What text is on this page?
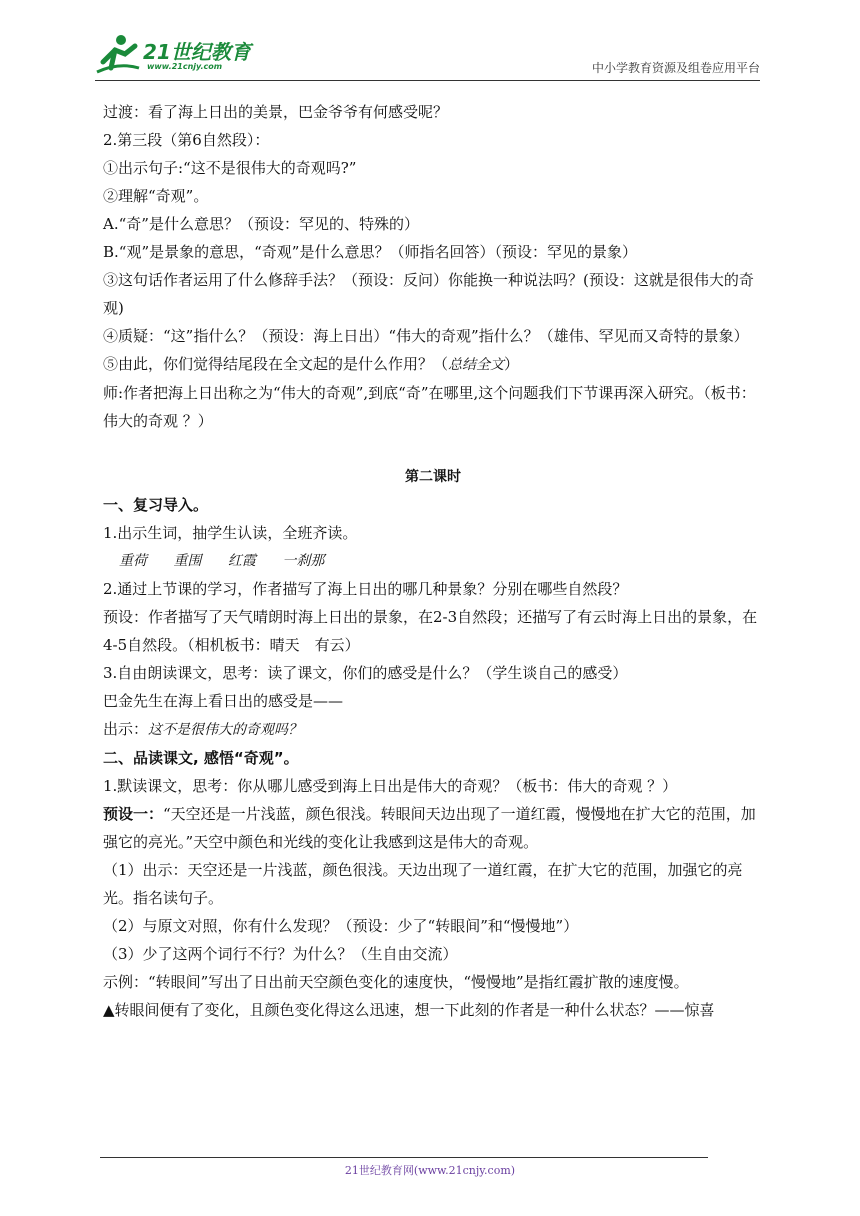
21世纪教育
www.21cnjy.com	中小学教育资源及组卷应用平台

过渡：看了海上日出的美景，巴金爷爷有何感受呢？

2.第三段（第6自然段）：

①出示句子:“这不是很伟大的奇观吗?”

②理解“奇观”。

A.“奇”是什么意思？（预设：罕见的、特殊的）

B.“观”是景象的意思，“奇观”是什么意思？（师指名回答）（预设：罕见的景象）

③这句话作者运用了什么修辞手法？（预设：反问）你能换一种说法吗？(预设：这就是很伟大的奇观)

④质疑：“这”指什么？（预设：海上日出）“伟大的奇观”指什么？（雄伟、罕见而又奇特的景象）

⑤由此，你们觉得结尾段在全文起的是什么作用？（总结全文）

师:作者把海上日出称之为“伟大的奇观”,到底“奇”在哪里,这个问题我们下节课再深入研究。（板书：伟大的奇观 ？）

第二课时

一、复习导入。

1.出示生词，抽学生认读，全班齐读。

重荷 重围 红霞 一刹那

2.通过上节课的学习，作者描写了海上日出的哪几种景象？分别在哪些自然段？

预设：作者描写了天气晴朗时海上日出的景象，在2-3自然段；还描写了有云时海上日出的景象，在4-5自然段。（相机板书：晴天　有云）

3.自由朗读课文，思考：读了课文，你们的感受是什么？（学生谈自己的感受）

巴金先生在海上看日出的感受是——

出示：这不是很伟大的奇观吗？

二、品读课文, 感悟“奇观”。

1.默读课文，思考：你从哪儿感受到海上日出是伟大的奇观？（板书：伟大的奇观 ？）

预设一：“天空还是一片浅蓝，颜色很浅。转眼间天边出现了一道红霞，慢慢地在扩大它的范围，加强它的亮光。”天空中颜色和光线的变化让我感到这是伟大的奇观。

（1）出示：天空还是一片浅蓝，颜色很浅。天边出现了一道红霞，在扩大它的范围，加强它的亮光。指名读句子。

（2）与原文对照，你有什么发现？（预设：少了“转眼间”和“慢慢地”）

（3）少了这两个词行不行？为什么？（生自由交流）

示例：“转眼间”写出了日出前天空颜色变化的速度快，“慢慢地”是指红霞扩散的速度慢。

▲转眼间便有了变化，且颜色变化得这么迅速，想一下此刻的作者是一种什么状态？——惊喜

21世纪教育网(www.21cnjy.com)
